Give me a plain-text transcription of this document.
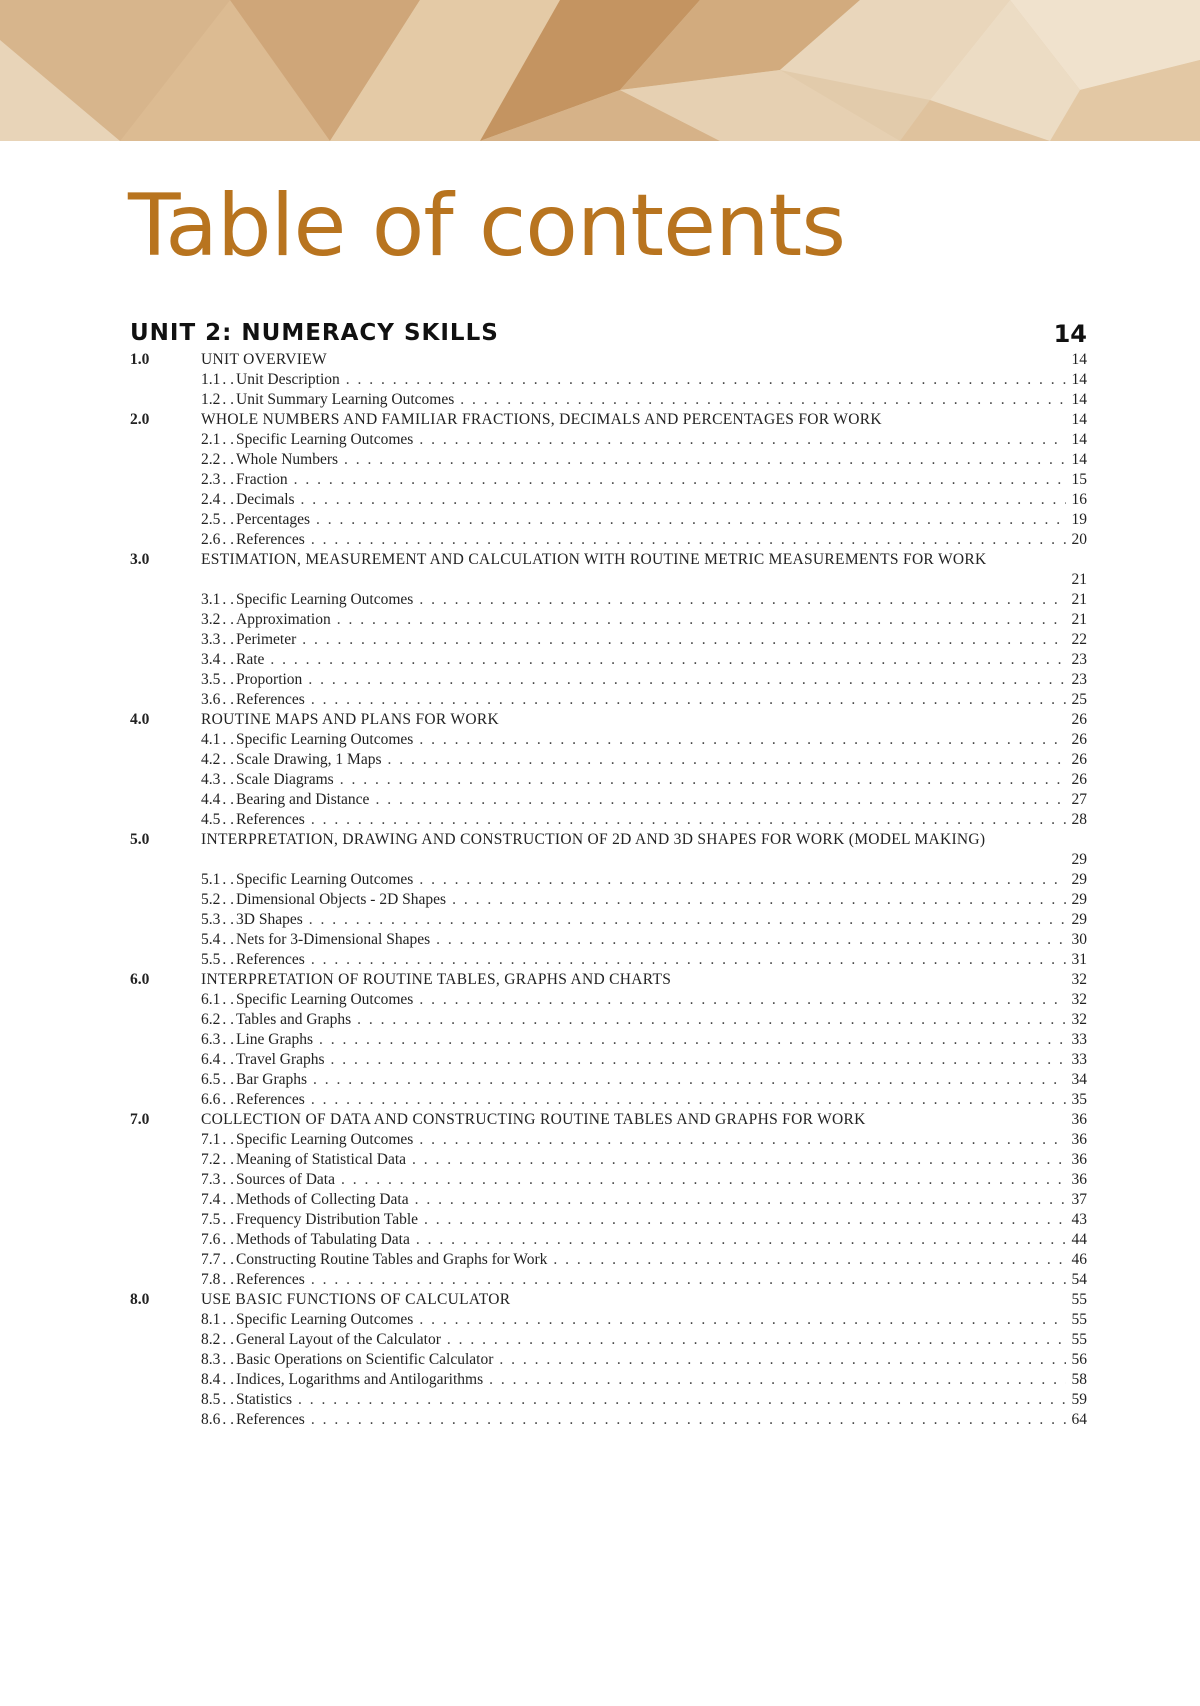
Table of contents
UNIT 2: NUMERACY SKILLS	14
1.0	UNIT OVERVIEW	14
1.1 . . Unit Description . . .	14
1.2 . . Unit Summary Learning Outcomes . . .	14
2.0	WHOLE NUMBERS AND FAMILIAR FRACTIONS, DECIMALS AND PERCENTAGES FOR WORK	14
2.1 . . Specific Learning Outcomes . . .	14
2.2 . . Whole Numbers . . .	14
2.3 . . Fraction . . .	15
2.4 . . Decimals . . .	16
2.5 . . Percentages . . .	19
2.6 . . References . . .	20
3.0	ESTIMATION, MEASUREMENT AND CALCULATION WITH ROUTINE METRIC MEASUREMENTS FOR WORK
21
3.1 . . Specific Learning Outcomes . . .	21
3.2 . . Approximation . . .	21
3.3 . . Perimeter . . .	22
3.4 . . Rate . . .	23
3.5 . . Proportion . . .	23
3.6 . . References . . .	25
4.0	ROUTINE MAPS AND PLANS FOR WORK	26
4.1 . . Specific Learning Outcomes . . .	26
4.2 . . Scale Drawing, 1 Maps . . .	26
4.3 . . Scale Diagrams . . .	26
4.4 . . Bearing and Distance . . .	27
4.5 . . References . . .	28
5.0	INTERPRETATION, DRAWING AND CONSTRUCTION OF 2D AND 3D SHAPES FOR WORK (MODEL MAKING)
29
5.1 . . Specific Learning Outcomes . . .	29
5.2 . . Dimensional Objects - 2D Shapes . . .	29
5.3 . . 3D Shapes . . .	29
5.4 . . Nets for 3-Dimensional Shapes . . .	30
5.5 . . References . . .	31
6.0	INTERPRETATION OF ROUTINE TABLES, GRAPHS AND CHARTS	32
6.1 . . Specific Learning Outcomes . . .	32
6.2 . . Tables and Graphs . . .	32
6.3 . . Line Graphs . . .	33
6.4 . . Travel Graphs . . .	33
6.5 . . Bar Graphs . . .	34
6.6 . . References . . .	35
7.0	COLLECTION OF DATA AND CONSTRUCTING ROUTINE TABLES AND GRAPHS FOR WORK	36
7.1 . . Specific Learning Outcomes . . .	36
7.2 . . Meaning of Statistical Data . . .	36
7.3 . . Sources of Data . . .	36
7.4 . . Methods of Collecting Data . . .	37
7.5 . . Frequency Distribution Table . . .	43
7.6 . . Methods of Tabulating Data . . .	44
7.7 . . Constructing Routine Tables and Graphs for Work . . .	46
7.8 . . References . . .	54
8.0	USE BASIC FUNCTIONS OF CALCULATOR	55
8.1 . . Specific Learning Outcomes . . .	55
8.2 . . General Layout of the Calculator . . .	55
8.3 . . Basic Operations on Scientific Calculator . . .	56
8.4 . . Indices, Logarithms and Antilogarithms . . .	58
8.5 . . Statistics . . .	59
8.6 . . References . . .	64
